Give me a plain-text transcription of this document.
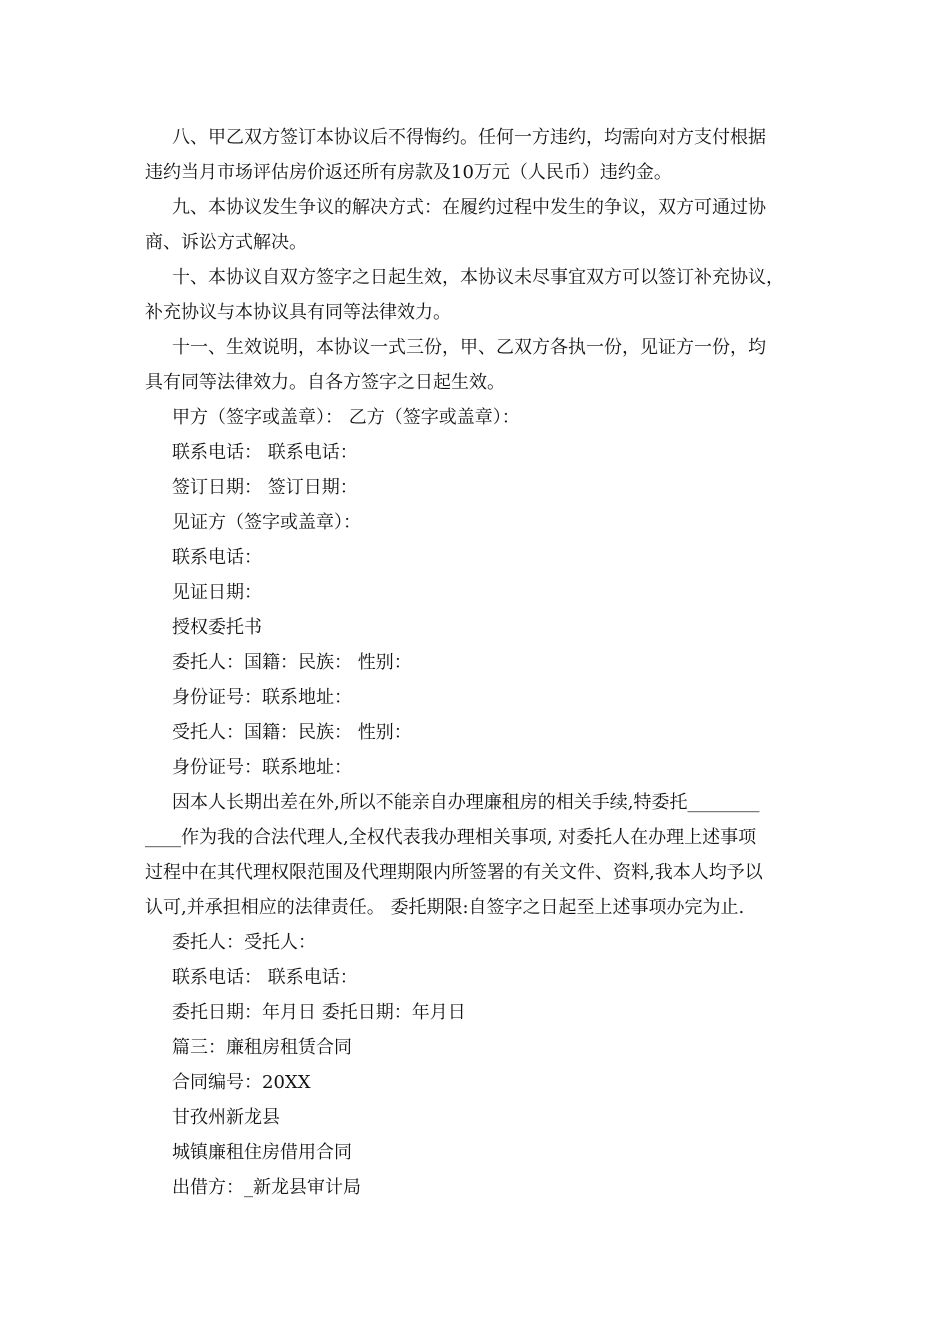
八、甲乙双方签订本协议后不得悔约。任何一方违约，均需向对方支付根据
违约当月市场评估房价返还所有房款及10万元（人民币）违约金。
九、本协议发生争议的解决方式：在履约过程中发生的争议，双方可通过协
商、诉讼方式解决。
十、本协议自双方签字之日起生效，本协议未尽事宜双方可以签订补充协议，
补充协议与本协议具有同等法律效力。
十一、生效说明，本协议一式三份，甲、乙双方各执一份，见证方一份，均
具有同等法律效力。自各方签字之日起生效。
甲方（签字或盖章）： 乙方（签字或盖章）：
联系电话： 联系电话：
签订日期： 签订日期：
见证方（签字或盖章）：
联系电话：
见证日期：
授权委托书
委托人：国籍：民族： 性别：
身份证号：联系地址：
受托人：国籍：民族： 性别：
身份证号：联系地址：
因本人长期出差在外,所以不能亲自办理廉租房的相关手续,特委托________
____作为我的合法代理人,全权代表我办理相关事项, 对委托人在办理上述事项
过程中在其代理权限范围及代理期限内所签署的有关文件、资料,我本人均予以
认可,并承担相应的法律责任。 委托期限:自签字之日起至上述事项办完为止.
委托人：受托人：
联系电话： 联系电话：
委托日期：年月日 委托日期：年月日
篇三：廉租房租赁合同
合同编号：20XX
甘孜州新龙县
城镇廉租住房借用合同
出借方：_新龙县审计局
